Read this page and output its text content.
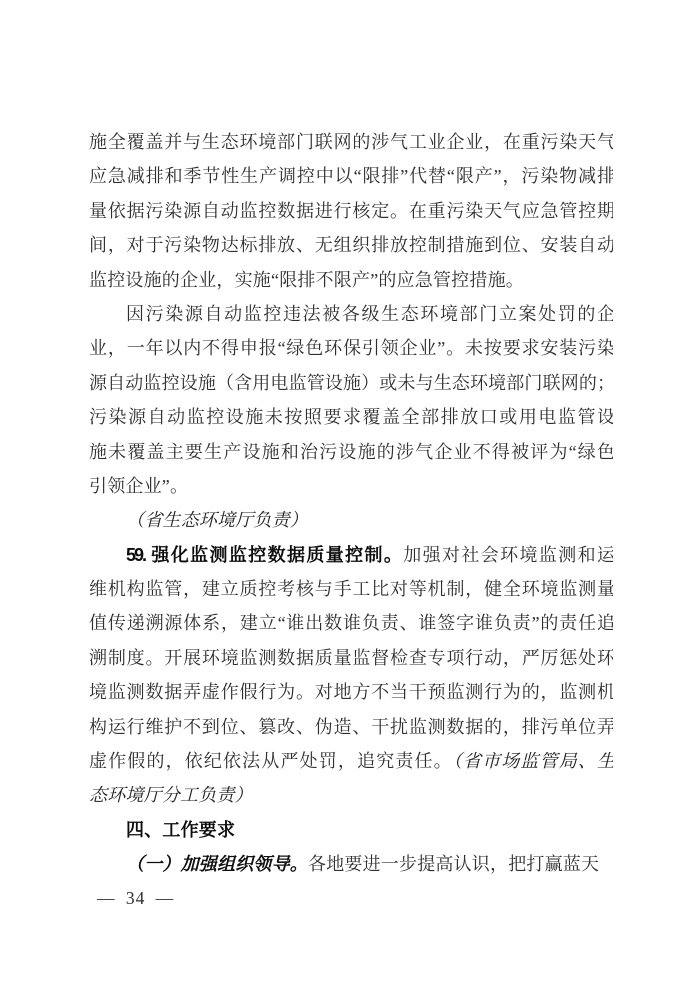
施全覆盖并与生态环境部门联网的涉气工业企业，在重污染天气
应急减排和季节性生产调控中以“限排”代替“限产”，污染物减排
量依据污染源自动监控数据进行核定。在重污染天气应急管控期
间，对于污染物达标排放、无组织排放控制措施到位、安装自动
监控设施的企业，实施“限排不限产”的应急管控措施。
因污染源自动监控违法被各级生态环境部门立案处罚的企
业，一年以内不得申报“绿色环保引领企业”。未按要求安装污染
源自动监控设施（含用电监管设施）或未与生态环境部门联网的；
污染源自动监控设施未按照要求覆盖全部排放口或用电监管设
施未覆盖主要生产设施和治污设施的涉气企业不得被评为“绿色
引领企业”。
（省生态环境厅负责）
59. 强化监测监控数据质量控制。加强对社会环境监测和运
维机构监管，建立质控考核与手工比对等机制，健全环境监测量
值传递溯源体系，建立“谁出数谁负责、谁签字谁负责”的责任追
溯制度。开展环境监测数据质量监督检查专项行动，严厉惩处环
境监测数据弄虚作假行为。对地方不当干预监测行为的，监测机
构运行维护不到位、篡改、伪造、干扰监测数据的，排污单位弄
虚作假的，依纪依法从严处罚，追究责任。（省市场监管局、生
态环境厅分工负责）
四、工作要求
（一）加强组织领导。各地要进一步提高认识，把打赢蓝天
— 34 —
